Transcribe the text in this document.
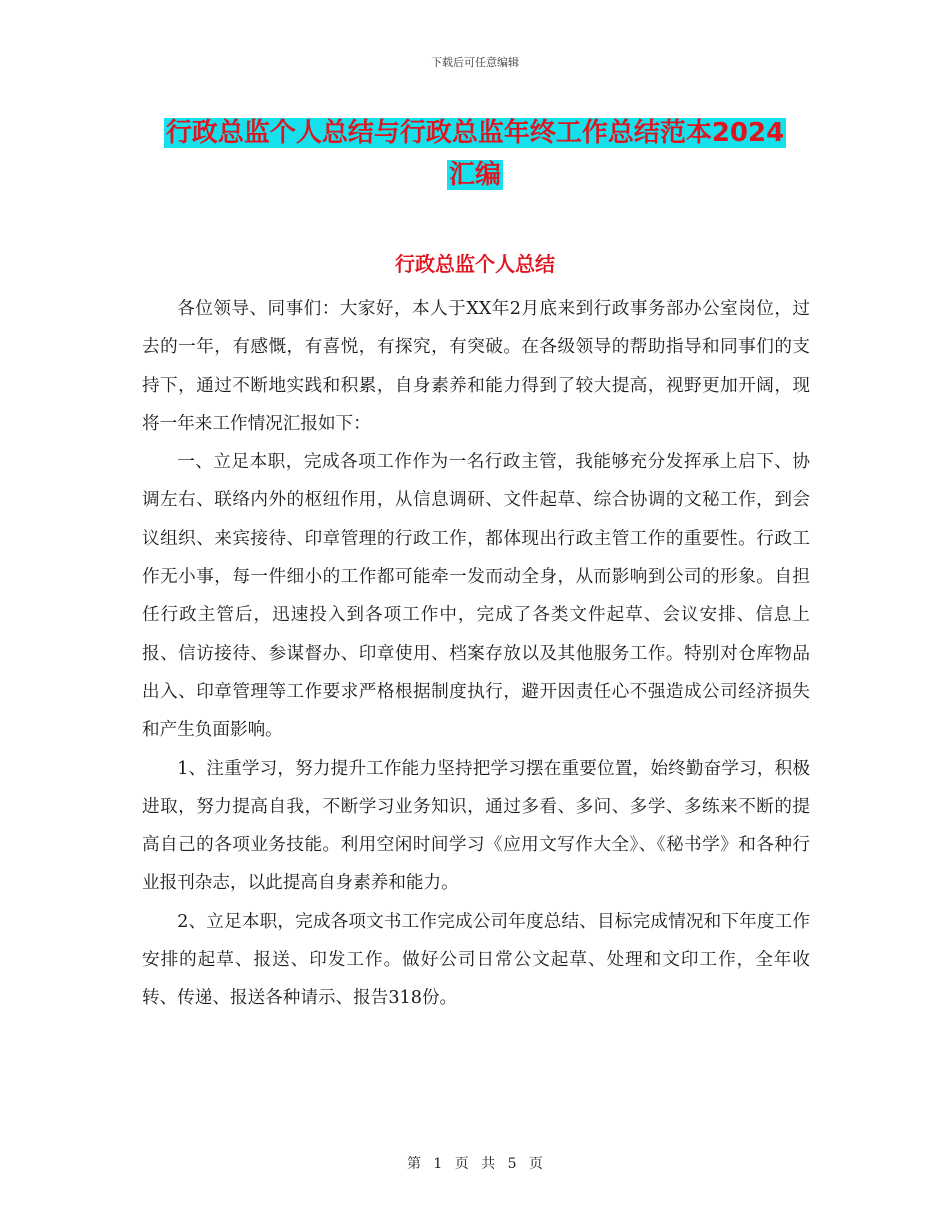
下载后可任意编辑
行政总监个人总结与行政总监年终工作总结范本2024
汇编
行政总监个人总结

各位领导、同事们：大家好，本人于XX年2月底来到行政事务部办公室岗位，过去的一年，有感慨，有喜悦，有探究，有突破。在各级领导的帮助指导和同事们的支持下，通过不断地实践和积累，自身素养和能力得到了较大提高，视野更加开阔，现将一年来工作情况汇报如下：

一、立足本职，完成各项工作作为一名行政主管，我能够充分发挥承上启下、协调左右、联络内外的枢纽作用，从信息调研、文件起草、综合协调的文秘工作，到会议组织、来宾接待、印章管理的行政工作，都体现出行政主管工作的重要性。行政工作无小事，每一件细小的工作都可能牵一发而动全身，从而影响到公司的形象。自担任行政主管后，迅速投入到各项工作中，完成了各类文件起草、会议安排、信息上报、信访接待、参谋督办、印章使用、档案存放以及其他服务工作。特别对仓库物品出入、印章管理等工作要求严格根据制度执行，避开因责任心不强造成公司经济损失和产生负面影响。

1、注重学习，努力提升工作能力坚持把学习摆在重要位置，始终勤奋学习，积极进取，努力提高自我，不断学习业务知识，通过多看、多问、多学、多练来不断的提高自己的各项业务技能。利用空闲时间学习《应用文写作大全》、《秘书学》和各种行业报刊杂志，以此提高自身素养和能力。

2、立足本职，完成各项文书工作完成公司年度总结、目标完成情况和下年度工作安排的起草、报送、印发工作。做好公司日常公文起草、处理和文印工作，全年收转、传递、报送各种请示、报告318份。

第 1 页 共 5 页
